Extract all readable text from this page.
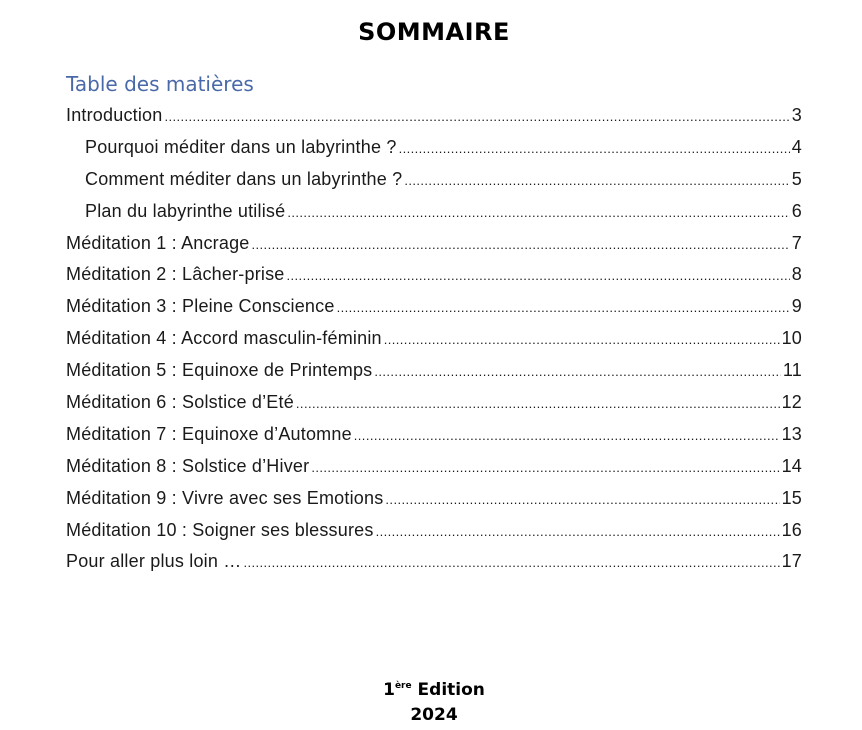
SOMMAIRE
Table des matières
Introduction .....	3
Pourquoi méditer dans un labyrinthe ? .....	4
Comment méditer dans un labyrinthe ? .....	5
Plan du labyrinthe utilisé .....	6
Méditation 1 : Ancrage .....	7
Méditation 2 : Lâcher-prise .....	8
Méditation 3 : Pleine Conscience .....	9
Méditation 4 : Accord masculin-féminin .....	10
Méditation 5 : Equinoxe de Printemps .....	11
Méditation 6 : Solstice d’Eté .....	12
Méditation 7 : Equinoxe d’Automne .....	13
Méditation 8 : Solstice d’Hiver .....	14
Méditation 9 : Vivre avec ses Emotions .....	15
Méditation 10 : Soigner ses blessures .....	16
Pour aller plus loin … .....	17
1ère Edition
2024
